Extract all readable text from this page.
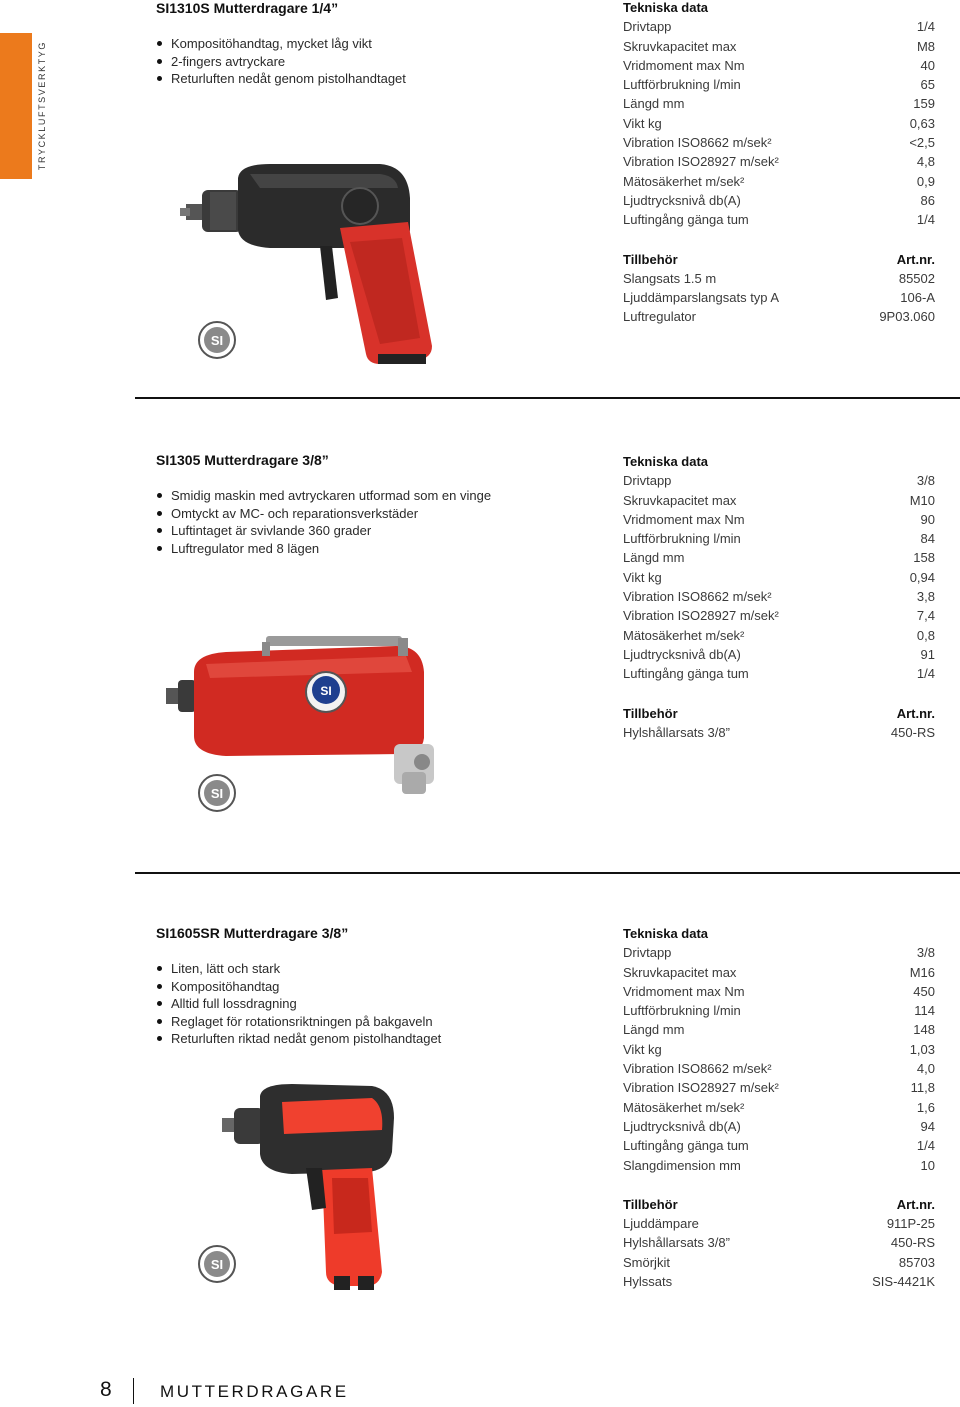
TRYCKLUFTSVERKTYG
SI1310S Mutterdragare 1/4”
Kompositöhandtag, mycket låg vikt
2-fingers avtryckare
Returluften nedåt genom pistolhandtaget
Tekniska data
Drivtapp	1/4
Skruvkapacitet max	M8
Vridmoment max Nm	40
Luftförbrukning l/min	65
Längd mm	159
Vikt kg	0,63
Vibration ISO8662 m/sek²	<2,5
Vibration ISO28927 m/sek²	4,8
Mätosäkerhet m/sek²	0,9
Ljudtrycksnivå db(A)	86
Luftingång gänga tum	1/4
Tillbehör	Art.nr.
Slangsats 1.5 m	85502
Ljuddämparslangsats typ A	106-A
Luftregulator	9P03.060
SI
SI1305 Mutterdragare 3/8”
Smidig maskin med avtryckaren utformad som en vinge
Omtyckt av MC- och reparationsverkstäder
Luftintaget är svivlande 360 grader
Luftregulator med 8 lägen
Tekniska data
Drivtapp	3/8
Skruvkapacitet max	M10
Vridmoment max Nm	90
Luftförbrukning l/min	84
Längd mm	158
Vikt kg	0,94
Vibration ISO8662 m/sek²	3,8
Vibration ISO28927 m/sek²	7,4
Mätosäkerhet m/sek²	0,8
Ljudtrycksnivå db(A)	91
Luftingång gänga tum	1/4
Tillbehör	Art.nr.
Hylshållarsats 3/8”	450-RS
SI
SI
SI1605SR Mutterdragare 3/8”
Liten, lätt och stark
Kompositöhandtag
Alltid full lossdragning
Reglaget för rotationsriktningen på bakgaveln
Returluften riktad nedåt genom pistolhandtaget
Tekniska data
Drivtapp	3/8
Skruvkapacitet max	M16
Vridmoment max Nm	450
Luftförbrukning l/min	114
Längd mm	148
Vikt kg	1,03
Vibration ISO8662 m/sek²	4,0
Vibration ISO28927 m/sek²	11,8
Mätosäkerhet m/sek²	1,6
Ljudtrycksnivå db(A)	94
Luftingång gänga tum	1/4
Slangdimension mm	10
Tillbehör	Art.nr.
Ljuddämpare	911P-25
Hylshållarsats 3/8”	450-RS
Smörjkit	85703
Hylssats	SIS-4421K
SI
8	MUTTERDRAGARE
